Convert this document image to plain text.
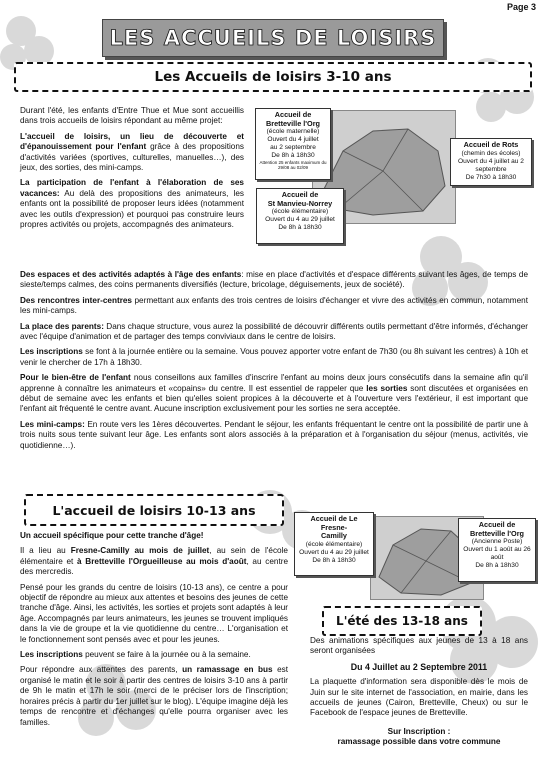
Page 3
LES ACCUEILS DE LOISIRS
Les Accueils de loisirs 3-10 ans

Durant l'été, les enfants d'Entre Thue et Mue sont accueillis dans trois accueils de loisirs répondant au même projet:

L'accueil de loisirs, un lieu de découverte et d'épanouissement pour l'enfant grâce à des propositions d'activités variées (sportives, culturelles, manuelles…), des jeux, des sorties, des mini-camps.

La participation de l'enfant à l'élaboration de ses vacances: Au delà des propositions des animateurs, les enfants ont la possibilité de proposer leurs idées (notamment avec les outils d'expression) et pourquoi pas construire leurs propres activités ou projets, accompagnés des animateurs.

Accueil de
Bretteville l'Org
(école maternelle)
Ouvert du 4 juillet
au 2 septembre
De 8h à 18h30
Attention 25 enfants maximum du 29/08 au 02/09
Accueil de Rots
(chemin des écoles)
Ouvert du 4 juillet au 2 septembre
De 7h30 à 18h30
Accueil de
St Manvieu-Norrey
(école élémentaire)
Ouvert du 4 au 29 juillet
De 8h à 18h30

Des espaces et des activités adaptés à l'âge des enfants: mise en place d'activités et d'espace différents suivant les âges, de temps de sieste/temps calmes, des coins permanents diversifiés (lecture, bricolage, déguisements, jeux de société).

Des rencontres inter-centres permettant aux enfants des trois centres de loisirs d'échanger et vivre des activités en commun, notamment les mini-camps.

La place des parents: Dans chaque structure, vous aurez la possibilité de découvrir différents outils permettant d'être informés, d'échanger avec l'équipe d'animation et de partager des temps conviviaux dans le centre de loisirs.

Les inscriptions se font à la journée entière ou la semaine. Vous pouvez apporter votre enfant de 7h30 (ou 8h suivant les centres) à 10h et venir le chercher de 17h à 18h30.

Pour le bien-être de l'enfant nous conseillons aux familles d'inscrire l'enfant au moins deux jours consécutifs dans la semaine afin qu'il apprenne à connaître les animateurs et «copains» du centre. Il est essentiel de rappeler que les sorties sont discutées et organisées en début de semaine avec les enfants et bien qu'elles soient propices à la découverte et à l'ouverture vers l'extérieur, il est important que l'enfant ait fréquenté le centre avant. Aucune inscription exclusivement pour les sorties ne sera acceptée.

Les mini-camps: En route vers les 1ères découvertes. Pendant le séjour, les enfants fréquentant le centre ont la possibilité de partir une à trois nuits sous tente suivant leur âge. Les enfants sont alors associés à la préparation et à l'organisation du séjour (menus, activités, vie quotidienne…).

L'accueil de loisirs 10-13 ans

Un accueil spécifique pour cette tranche d'âge!

Il a lieu au Fresne-Camilly au mois de juillet, au sein de l'école élémentaire et à Bretteville l'Orgueilleuse au mois d'août, au centre des mercredis.

Pensé pour les grands du centre de loisirs (10-13 ans), ce centre a pour objectif de répondre au mieux aux attentes et besoins des jeunes de cette tranche d'âge. Ainsi, les activités, les sorties et projets sont adaptés à leur âge. Accompagnés par leurs animateurs, les jeunes se trouvent impliqués dans la vie de groupe et la vie quotidienne du centre… L'organisation et le fonctionnement sont pensés avec et pour les jeunes.

Les inscriptions peuvent se faire à la journée ou à la semaine.

Pour répondre aux attentes des parents, un ramassage en bus est organisé le matin et le soir à partir des centres de loisirs 3-10 ans à partir de 9h le matin et 17h le soir (merci de le préciser lors de l'inscription; horaires précis à partir du 1er juillet sur le blog). L'équipe imagine déjà les temps de rencontre et d'échanges qu'elle pourra organiser avec les familles.

Accueil de Le Fresne-
Camilly
(école élémentaire)
Ouvert du 4 au 29 juillet
De 8h à 18h30
Accueil de
Bretteville l'Org
(Ancienne Poste)
Ouvert du 1 août au 26 août
De 8h à 18h30
L'été des 13-18 ans

Des animations spécifiques aux jeunes de 13 à 18 ans seront organisées

Du 4 Juillet au 2 Septembre 2011

La plaquette d'information sera disponible dès le mois de Juin sur le site internet de l'association, en mairie, dans les accueils de jeunes (Cairon, Bretteville, Cheux) ou sur le Facebook de l'espace jeunes de Bretteville.

Sur Inscription :

ramassage possible dans votre commune
